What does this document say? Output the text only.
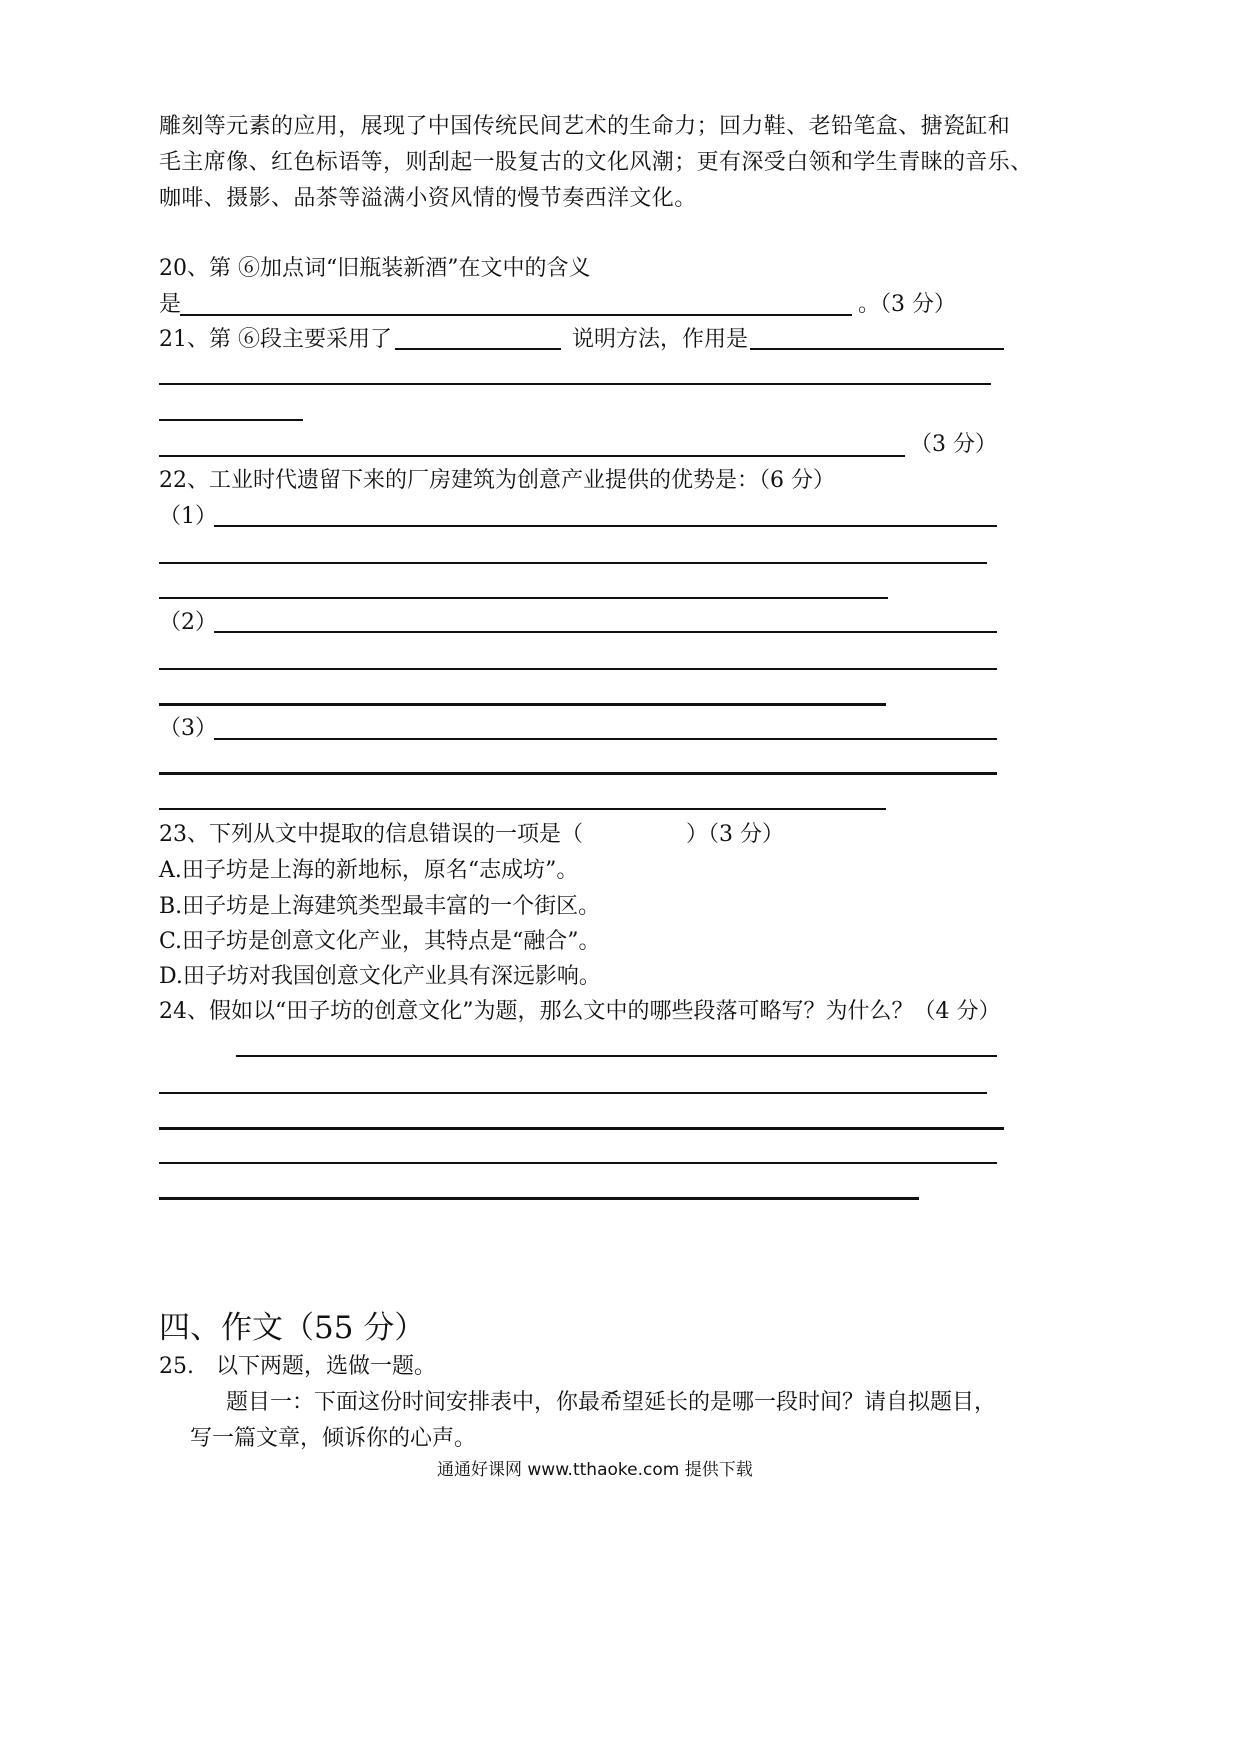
雕刻等元素的应用，展现了中国传统民间艺术的生命力；回力鞋、老铅笔盒、搪瓷缸和
毛主席像、红色标语等，则刮起一股复古的文化风潮；更有深受白领和学生青睐的音乐、
咖啡、摄影、品茶等溢满小资风情的慢节奏西洋文化。
20、第 ⑥加点词“旧瓶装新酒”在文中的含义
是	。（3 分）
21、第 ⑥段主要采用了	说明方法，作用是
（3 分）
22、工业时代遗留下来的厂房建筑为创意产业提供的优势是：（6 分）
（1）
（2）
（3）
23、下列从文中提取的信息错误的一项是（	）（3 分）
A.田子坊是上海的新地标，原名“志成坊”。
B.田子坊是上海建筑类型最丰富的一个街区。
C.田子坊是创意文化产业，其特点是“融合”。
D.田子坊对我国创意文化产业具有深远影响。
24、假如以“田子坊的创意文化”为题，那么文中的哪些段落可略写？为什么？（4 分）
四、作文（55 分）
25.　以下两题，选做一题。
题目一：下面这份时间安排表中，你最希望延长的是哪一段时间？请自拟题目，
写一篇文章，倾诉你的心声。
通通好课网 www.tthaoke.com 提供下载
